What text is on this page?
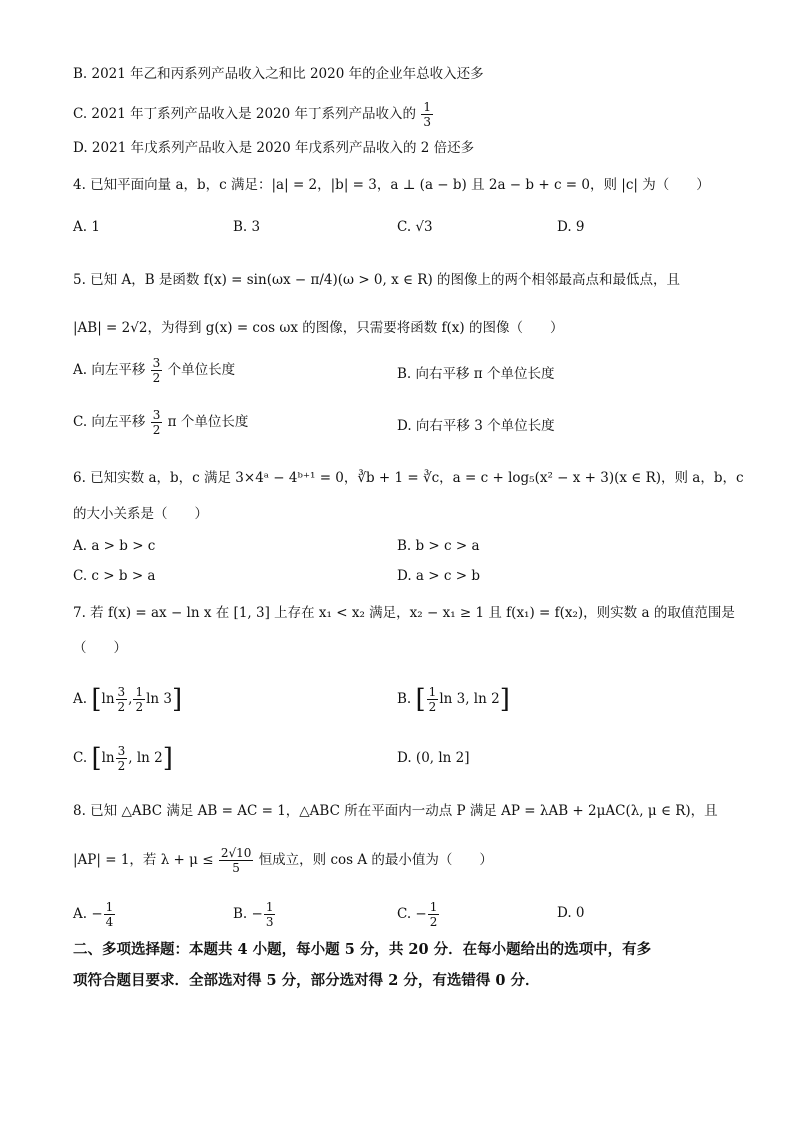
B. 2021 年乙和丙系列产品收入之和比 2020 年的企业年总收入还多
C. 2021 年丁系列产品收入是 2020 年丁系列产品收入的 $\frac{1}{3}$
D. 2021 年戊系列产品收入是 2020 年戊系列产品收入的 2 倍还多
4. 已知平面向量 a，b，c 满足：|a| = 2，|b| = 3，a ⊥ (a − b) 且 2a − b + c = 0，则 |c| 为（　　）
A. 1	B. 3	C. √3	D. 9
5. 已知 A，B 是函数 f(x) = sin(ωx − π/4)(ω > 0, x ∈ R) 的图像上的两个相邻最高点和最低点，且
|AB| = 2√2，为得到 g(x) = cos ωx 的图像，只需要将函数 f(x) 的图像（　　）
A. 向左平移 $\frac{3}{2}$ 个单位长度	B. 向右平移 π 个单位长度
C. 向左平移 $\frac{3}{2}$ π 个单位长度	D. 向右平移 3 个单位长度
6. 已知实数 a，b，c 满足 3×4ᵃ − 4ᵇ⁺¹ = 0，∛b + 1 = ∛c，a = c + log₅(x² − x + 3)(x ∈ R)，则 a，b，c
的大小关系是（　　）
A. a > b > c	B. b > c > a
C. c > b > a	D. a > c > b
7. 若 f(x) = ax − ln x 在 [1, 3] 上存在 x₁ < x₂ 满足，x₂ − x₁ ≥ 1 且 f(x₁) = f(x₂)，则实数 a 的取值范围是
（　　）
A. [$\ln \frac{3}{2}$ , $\frac{1}{2}$ ln 3]	B. [ $\frac{1}{2}$ ln 3, ln 2]
C. [$\ln \frac{3}{2}$ , ln 2]	D. (0, ln 2]
8. 已知 △ABC 满足 AB = AC = 1，△ABC 所在平面内一动点 P 满足 AP = λAB + 2μAC(λ, μ ∈ R)，且
|AP| = 1，若 $\lambda + \mu \le \frac{2√10}{5}$ 恒成立，则 cos A 的最小值为（　　）
A. − $\frac{1}{4}$	B. − $\frac{1}{3}$	C. − $\frac{1}{2}$	D. 0
二、多项选择题：本题共 4 小题，每小题 5 分，共 20 分．在每小题给出的选项中，有多
项符合题目要求．全部选对得 5 分，部分选对得 2 分，有选错得 0 分．
